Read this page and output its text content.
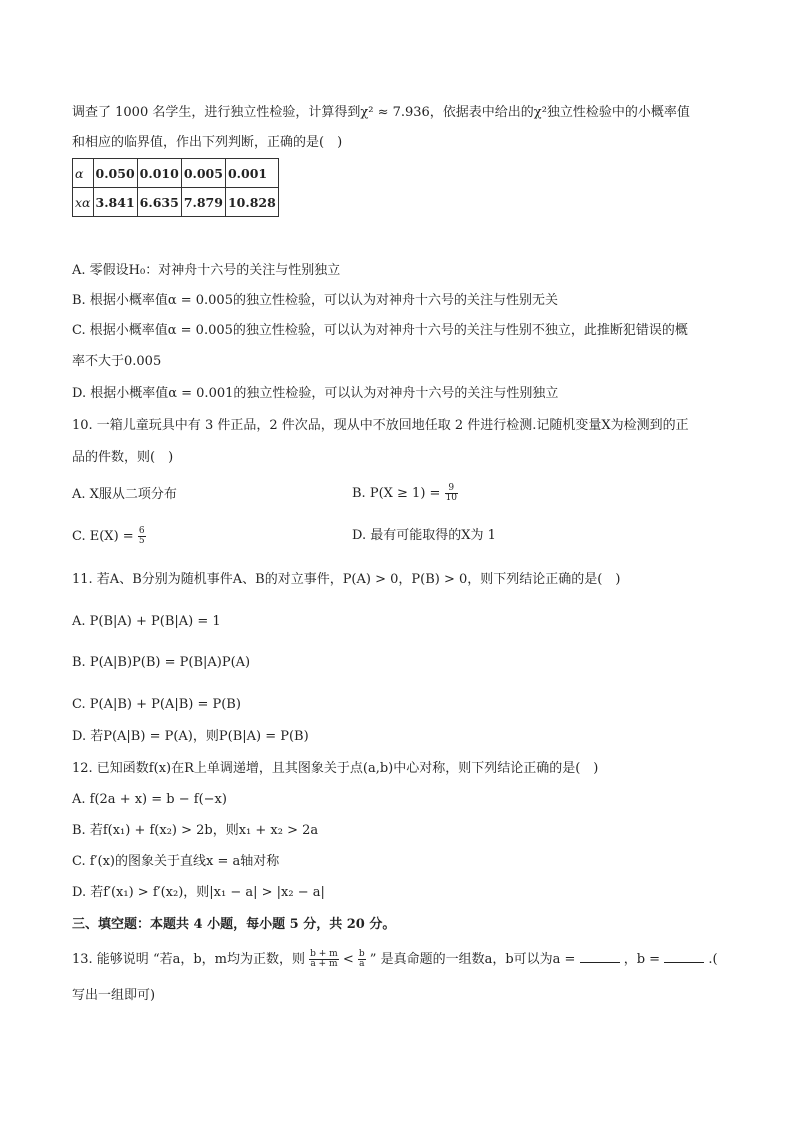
调查了 1000 名学生，进行独立性检验，计算得到χ² ≈ 7.936，依据表中给出的χ²独立性检验中的小概率值
和相应的临界值，作出下列判断，正确的是(　)
α	0.050	0.010	0.005	0.001
xα	3.841	6.635	7.879	10.828
A. 零假设H₀：对神舟十六号的关注与性别独立
B. 根据小概率值α = 0.005的独立性检验，可以认为对神舟十六号的关注与性别无关
C. 根据小概率值α = 0.005的独立性检验，可以认为对神舟十六号的关注与性别不独立，此推断犯错误的概
率不大于0.005
D. 根据小概率值α = 0.001的独立性检验，可以认为对神舟十六号的关注与性别独立
10. 一箱儿童玩具中有 3 件正品，2 件次品，现从中不放回地任取 2 件进行检测.记随机变量X为检测到的正
品的件数，则(　)
A. X服从二项分布	B. $P(X \ge 1) = \frac{9}{10}$
C. $E(X) = \frac{6}{5}$	D. 最有可能取得的X为 1
11. 若A、B分别为随机事件A、B的对立事件，P(A) > 0，P(B) > 0，则下列结论正确的是(　)
A. P(B|A) + P(B|A) = 1
B. P(A|B)P(B) = P(B|A)P(A)
C. P(A|B) + P(A|B) = P(B)
D. 若P(A|B) = P(A)，则P(B|A) = P(B)
12. 已知函数f(x)在R上单调递增，且其图象关于点(a,b)中心对称，则下列结论正确的是(　)
A. f(2a + x) = b − f(−x)
B. 若f(x₁) + f(x₂) > 2b，则x₁ + x₂ > 2a
C. f′(x)的图象关于直线x = a轴对称
D. 若f′(x₁) > f′(x₂)，则|x₁ − a| > |x₂ − a|
三、填空题：本题共 4 小题，每小题 5 分，共 20 分。
13. 能够说明 “若a，b，m均为正数，则 $\frac{b + m}{a + m} < \frac{b}{a}$ ” 是真命题的一组数a，b可以为a =	，b =	.(
写出一组即可)
